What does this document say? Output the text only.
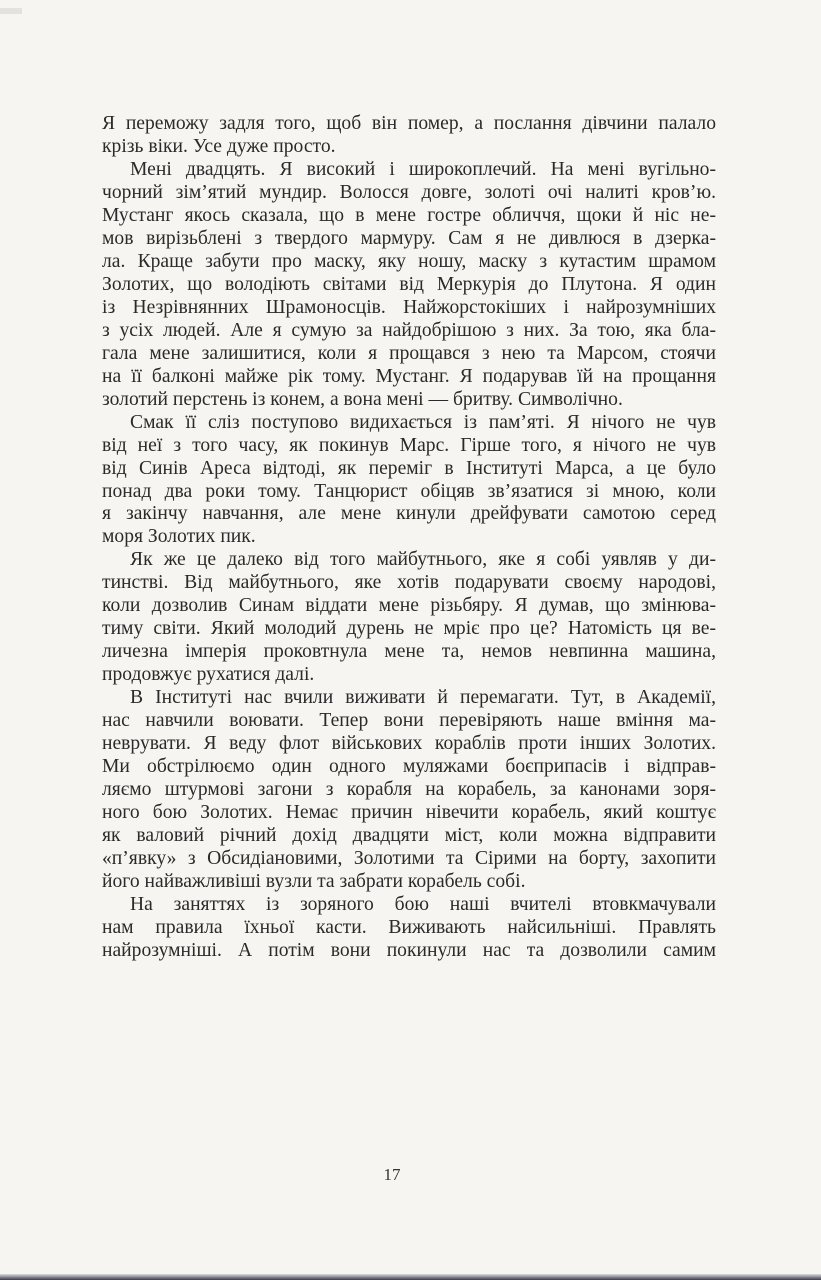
Я переможу задля того, щоб він помер, а послання дівчини палало
крізь віки. Усе дуже просто.
Мені двадцять. Я високий і широкоплечий. На мені вугільно-
чорний зім’ятий мундир. Волосся довге, золоті очі налиті кров’ю.
Мустанг якось сказала, що в мене гостре обличчя, щоки й ніс не-
мов вирізьблені з твердого мармуру. Сам я не дивлюся в дзерка-
ла. Краще забути про маску, яку ношу, маску з кутастим шрамом
Золотих, що володіють світами від Меркурія до Плутона. Я один
із Незрівнянних Шрамоносців. Найжорстокіших і найрозумніших
з усіх людей. Але я сумую за найдобрішою з них. За тою, яка бла-
гала мене залишитися, коли я прощався з нею та Марсом, стоячи
на її балконі майже рік тому. Мустанг. Я подарував їй на прощання
золотий перстень із конем, а вона мені — бритву. Символічно.
Смак її сліз поступово видихається із пам’яті. Я нічого не чув
від неї з того часу, як покинув Марс. Гірше того, я нічого не чув
від Синів Ареса відтоді, як переміг в Інституті Марса, а це було
понад два роки тому. Танцюрист обіцяв зв’язатися зі мною, коли
я закінчу навчання, але мене кинули дрейфувати самотою серед
моря Золотих пик.
Як же це далеко від того майбутнього, яке я собі уявляв у ди-
тинстві. Від майбутнього, яке хотів подарувати своєму народові,
коли дозволив Синам віддати мене різьбяру. Я думав, що змінюва-
тиму світи. Який молодий дурень не мріє про це? Натомість ця ве-
личезна імперія проковтнула мене та, немов невпинна машина,
продовжує рухатися далі.
В Інституті нас вчили виживати й перемагати. Тут, в Академії,
нас навчили воювати. Тепер вони перевіряють наше вміння ма-
неврувати. Я веду флот військових кораблів проти інших Золотих.
Ми обстрілюємо один одного муляжами боєприпасів і відправ-
ляємо штурмові загони з корабля на корабель, за канонами зоря-
ного бою Золотих. Немає причин нівечити корабель, який коштує
як валовий річний дохід двадцяти міст, коли можна відправити
«п’явку» з Обсидіановими, Золотими та Сірими на борту, захопити
його найважливіші вузли та забрати корабель собі.
На заняттях із зоряного бою наші вчителі втовкмачували
нам правила їхньої касти. Виживають найсильніші. Правлять
найрозумніші. А потім вони покинули нас та дозволили самим
17
